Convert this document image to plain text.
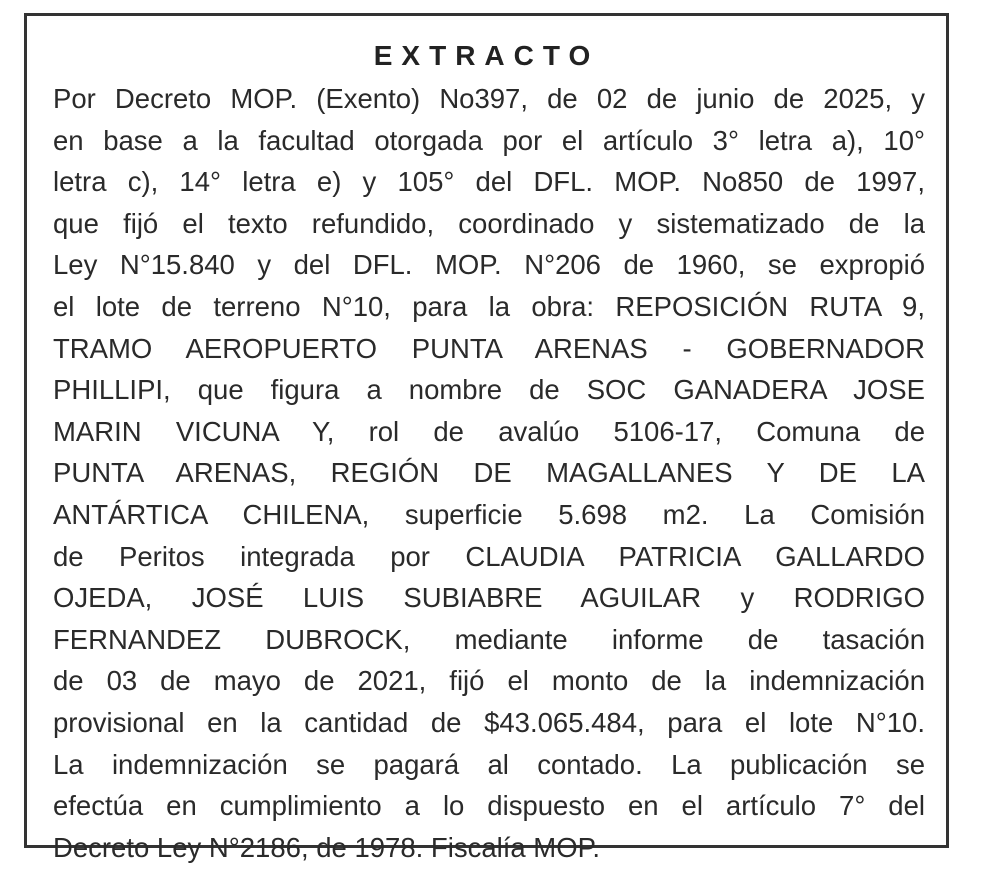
EXTRACTO
Por Decreto MOP. (Exento) No397, de 02 de junio de 2025, y
en base a la facultad otorgada por el artículo 3° letra a), 10°
letra c), 14° letra e) y 105° del DFL. MOP. No850 de 1997,
que fijó el texto refundido, coordinado y sistematizado de la
Ley N°15.840 y del DFL. MOP. N°206 de 1960, se expropió
el lote de terreno N°10, para la obra: REPOSICIÓN RUTA 9,
TRAMO AEROPUERTO PUNTA ARENAS - GOBERNADOR
PHILLIPI, que figura a nombre de SOC GANADERA JOSE
MARIN VICUNA Y, rol de avalúo 5106-17, Comuna de
PUNTA ARENAS, REGIÓN DE MAGALLANES Y DE LA
ANTÁRTICA CHILENA, superficie 5.698 m2. La Comisión
de Peritos integrada por CLAUDIA PATRICIA GALLARDO
OJEDA, JOSÉ LUIS SUBIABRE AGUILAR y RODRIGO
FERNANDEZ DUBROCK, mediante informe de tasación
de 03 de mayo de 2021, fijó el monto de la indemnización
provisional en la cantidad de $43.065.484, para el lote N°10.
La indemnización se pagará al contado. La publicación se
efectúa en cumplimiento a lo dispuesto en el artículo 7° del
Decreto Ley N°2186, de 1978. Fiscalía MOP.
